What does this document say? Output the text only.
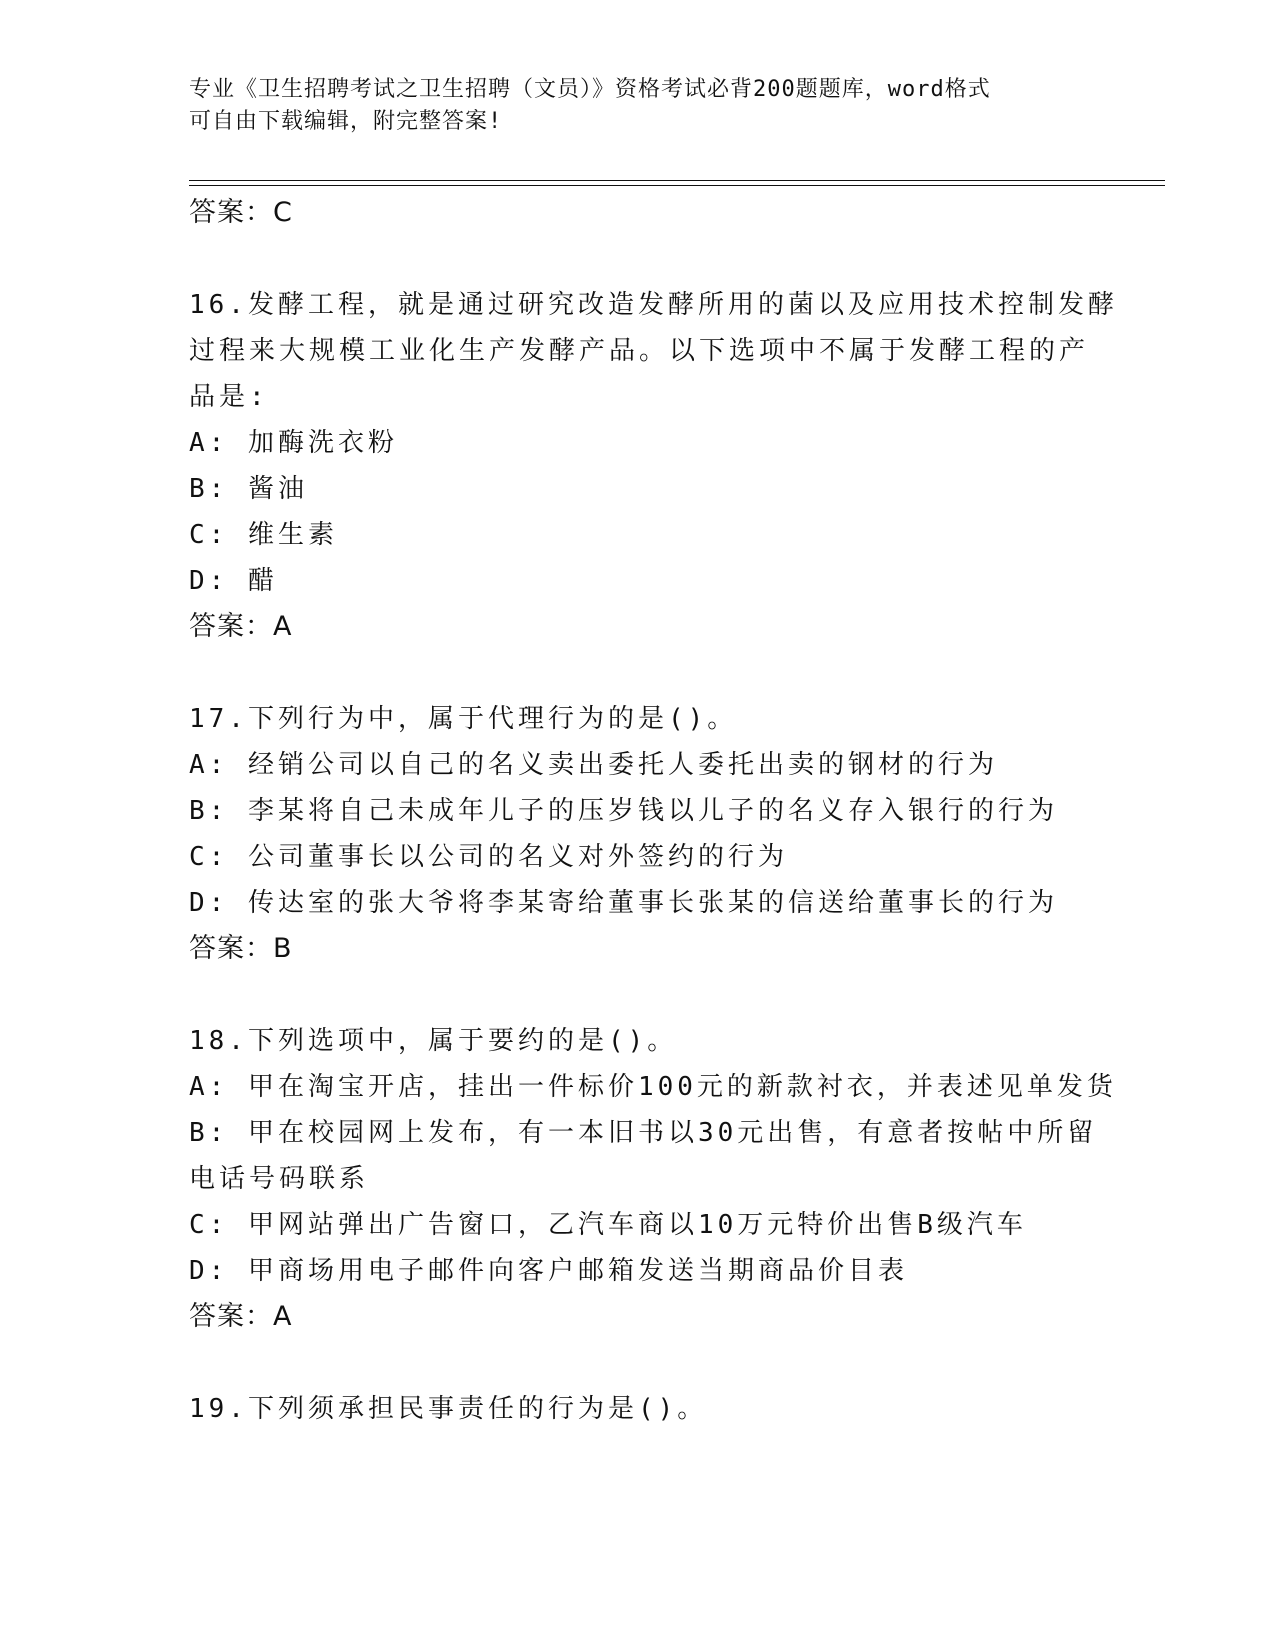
专业《卫生招聘考试之卫生招聘（文员）》资格考试必背200题题库，word格式
可自由下载编辑，附完整答案!
答案：C
16.发酵工程，就是通过研究改造发酵所用的菌以及应用技术控制发酵
过程来大规模工业化生产发酵产品。以下选项中不属于发酵工程的产
品是:
A: 加酶洗衣粉
B: 酱油
C: 维生素
D: 醋
答案：A
17.下列行为中，属于代理行为的是()。
A: 经销公司以自己的名义卖出委托人委托出卖的钢材的行为
B: 李某将自己未成年儿子的压岁钱以儿子的名义存入银行的行为
C: 公司董事长以公司的名义对外签约的行为
D: 传达室的张大爷将李某寄给董事长张某的信送给董事长的行为
答案：B
18.下列选项中，属于要约的是()。
A: 甲在淘宝开店，挂出一件标价100元的新款衬衣，并表述见单发货
B: 甲在校园网上发布，有一本旧书以30元出售，有意者按帖中所留
电话号码联系
C: 甲网站弹出广告窗口，乙汽车商以10万元特价出售B级汽车
D: 甲商场用电子邮件向客户邮箱发送当期商品价目表
答案：A
19.下列须承担民事责任的行为是()。
